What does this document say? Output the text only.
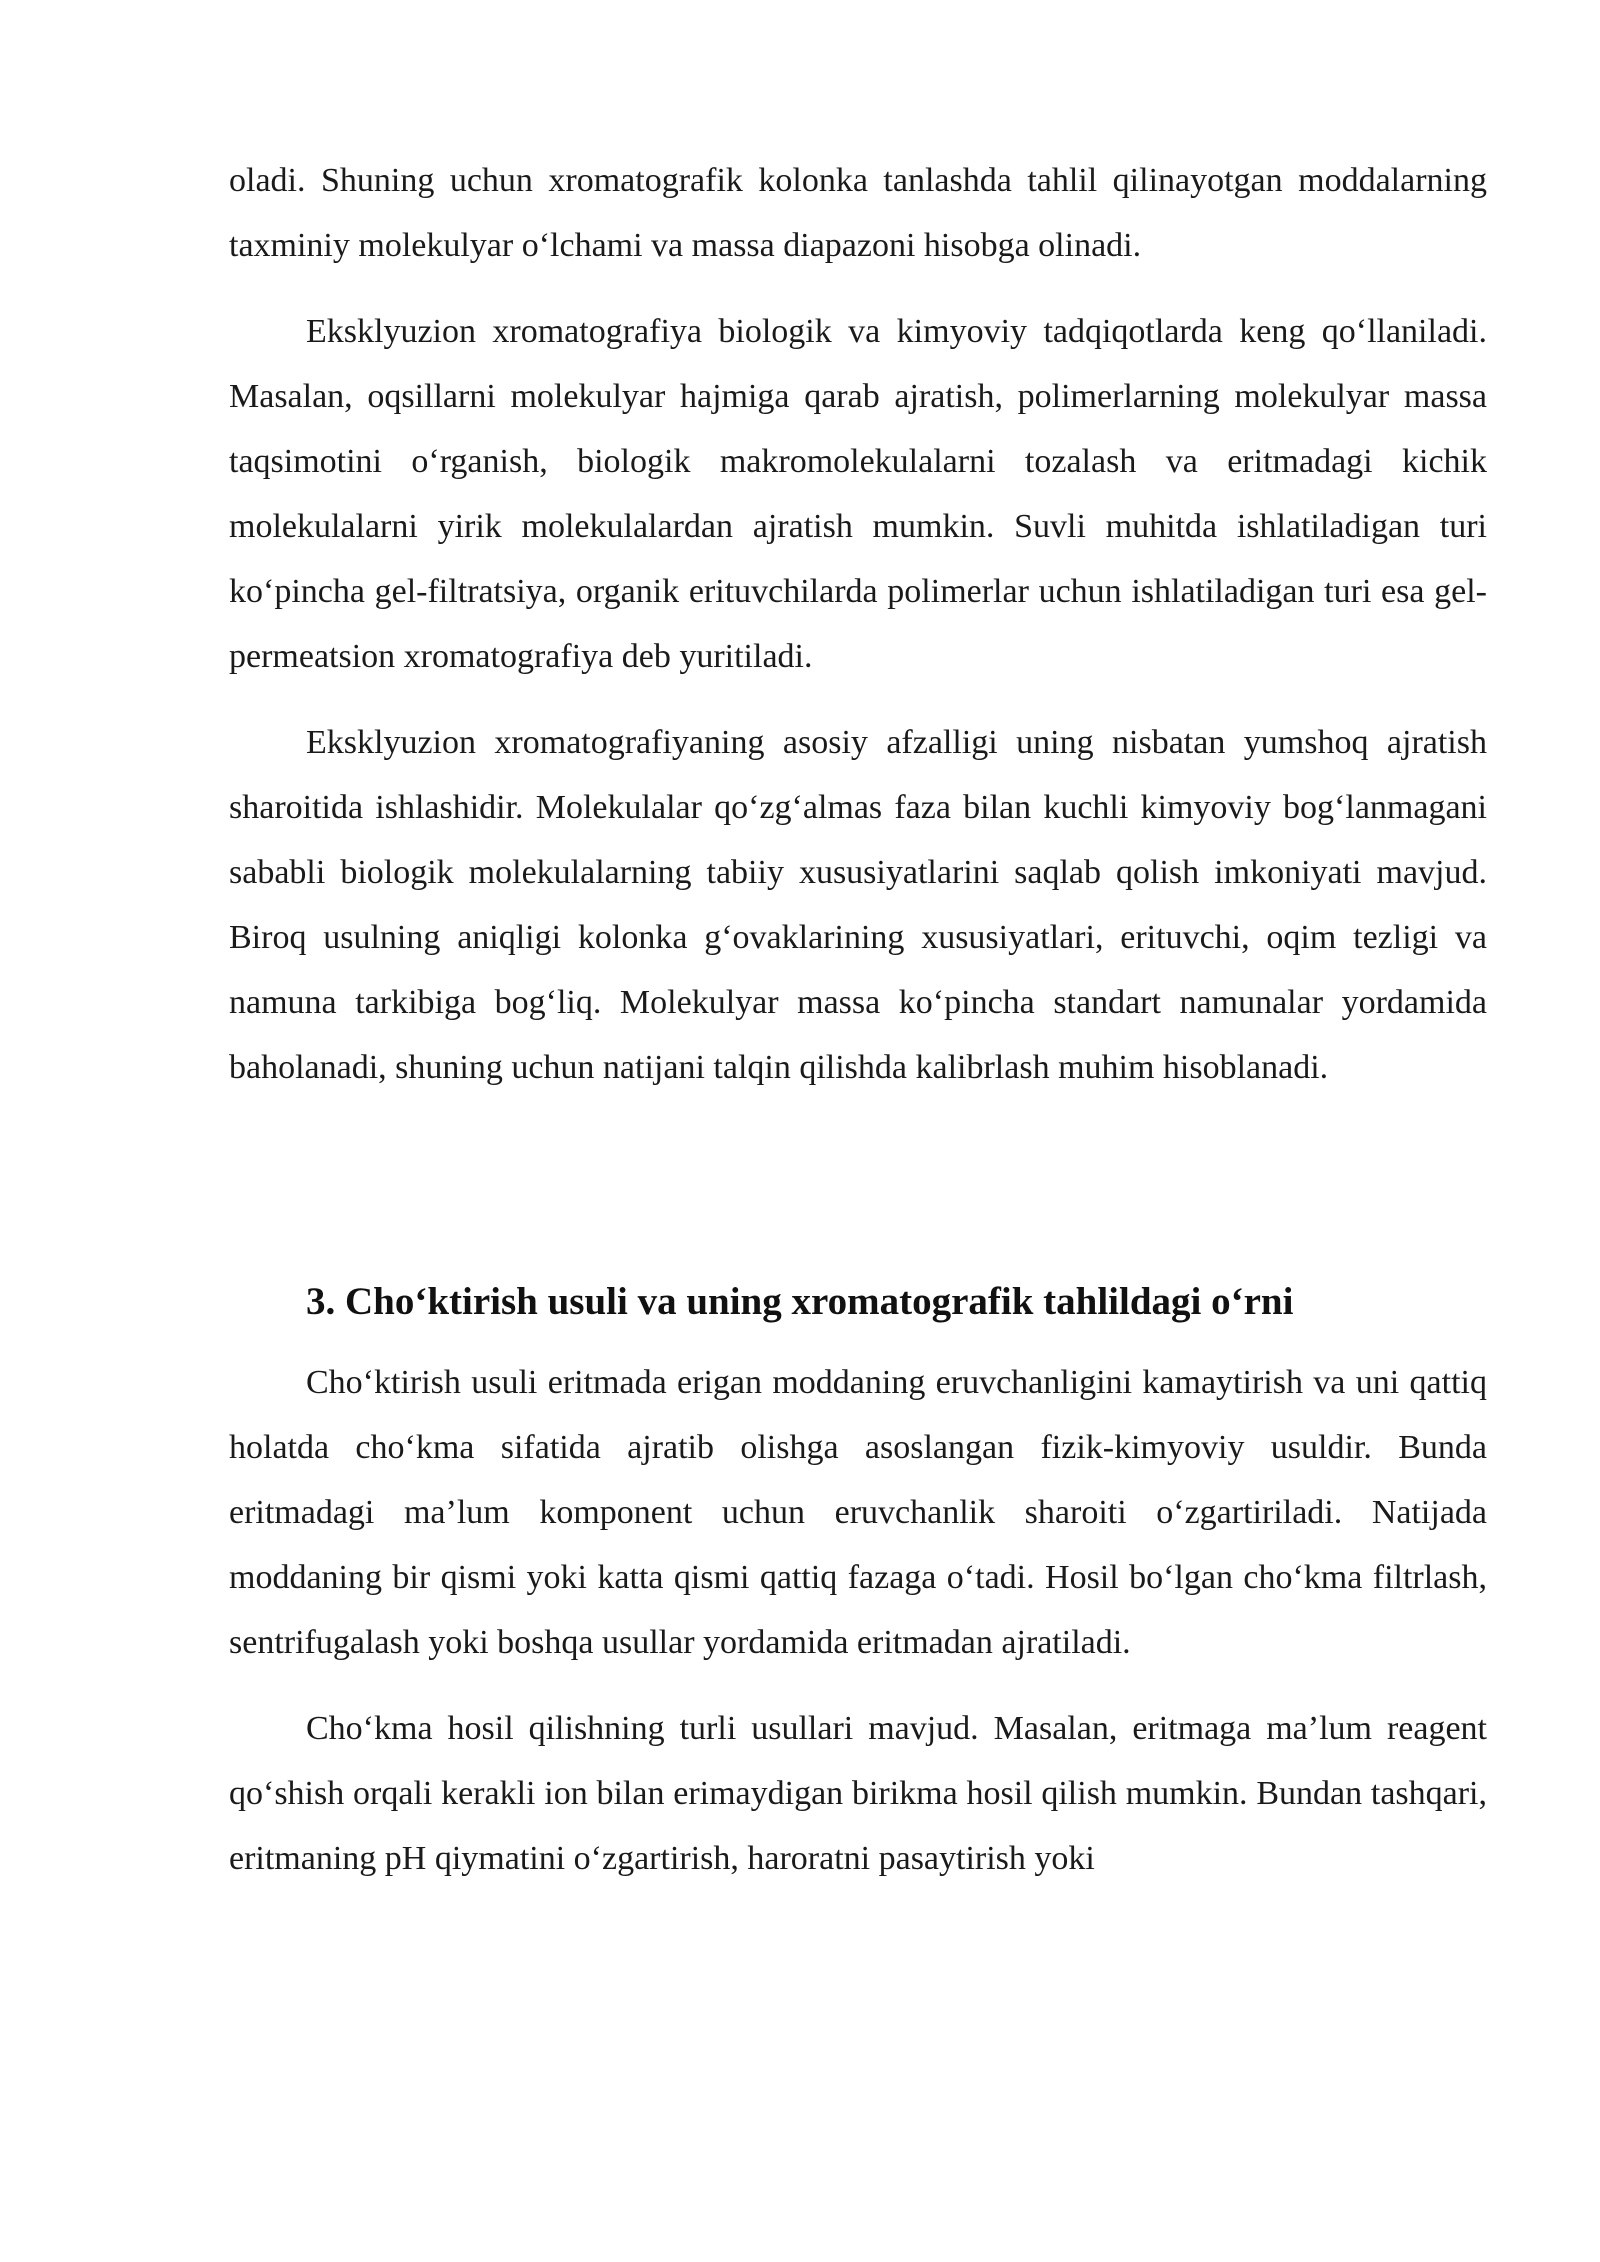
oladi. Shuning uchun xromatografik kolonka tanlashda tahlil qilinayotgan moddalarning taxminiy molekulyar o‘lchami va massa diapazoni hisobga olinadi.

Eksklyuzion xromatografiya biologik va kimyoviy tadqiqotlarda keng qo‘llaniladi. Masalan, oqsillarni molekulyar hajmiga qarab ajratish, polimerlarning molekulyar massa taqsimotini o‘rganish, biologik makromolekulalarni tozalash va eritmadagi kichik molekulalarni yirik molekulalardan ajratish mumkin. Suvli muhitda ishlatiladigan turi ko‘pincha gel-filtratsiya, organik erituvchilarda polimerlar uchun ishlatiladigan turi esa gel-permeatsion xromatografiya deb yuritiladi.

Eksklyuzion xromatografiyaning asosiy afzalligi uning nisbatan yumshoq ajratish sharoitida ishlashidir. Molekulalar qo‘zg‘almas faza bilan kuchli kimyoviy bog‘lanmagani sababli biologik molekulalarning tabiiy xususiyatlarini saqlab qolish imkoniyati mavjud. Biroq usulning aniqligi kolonka g‘ovaklarining xususiyatlari, erituvchi, oqim tezligi va namuna tarkibiga bog‘liq. Molekulyar massa ko‘pincha standart namunalar yordamida baholanadi, shuning uchun natijani talqin qilishda kalibrlash muhim hisoblanadi.

3. Cho‘ktirish usuli va uning xromatografik tahlildagi o‘rni

Cho‘ktirish usuli eritmada erigan moddaning eruvchanligini kamaytirish va uni qattiq holatda cho‘kma sifatida ajratib olishga asoslangan fizik-kimyoviy usuldir. Bunda eritmadagi ma’lum komponent uchun eruvchanlik sharoiti o‘zgartiriladi. Natijada moddaning bir qismi yoki katta qismi qattiq fazaga o‘tadi. Hosil bo‘lgan cho‘kma filtrlash, sentrifugalash yoki boshqa usullar yordamida eritmadan ajratiladi.

Cho‘kma hosil qilishning turli usullari mavjud. Masalan, eritmaga ma’lum reagent qo‘shish orqali kerakli ion bilan erimaydigan birikma hosil qilish mumkin. Bundan tashqari, eritmaning pH qiymatini o‘zgartirish, haroratni pasaytirish yoki
